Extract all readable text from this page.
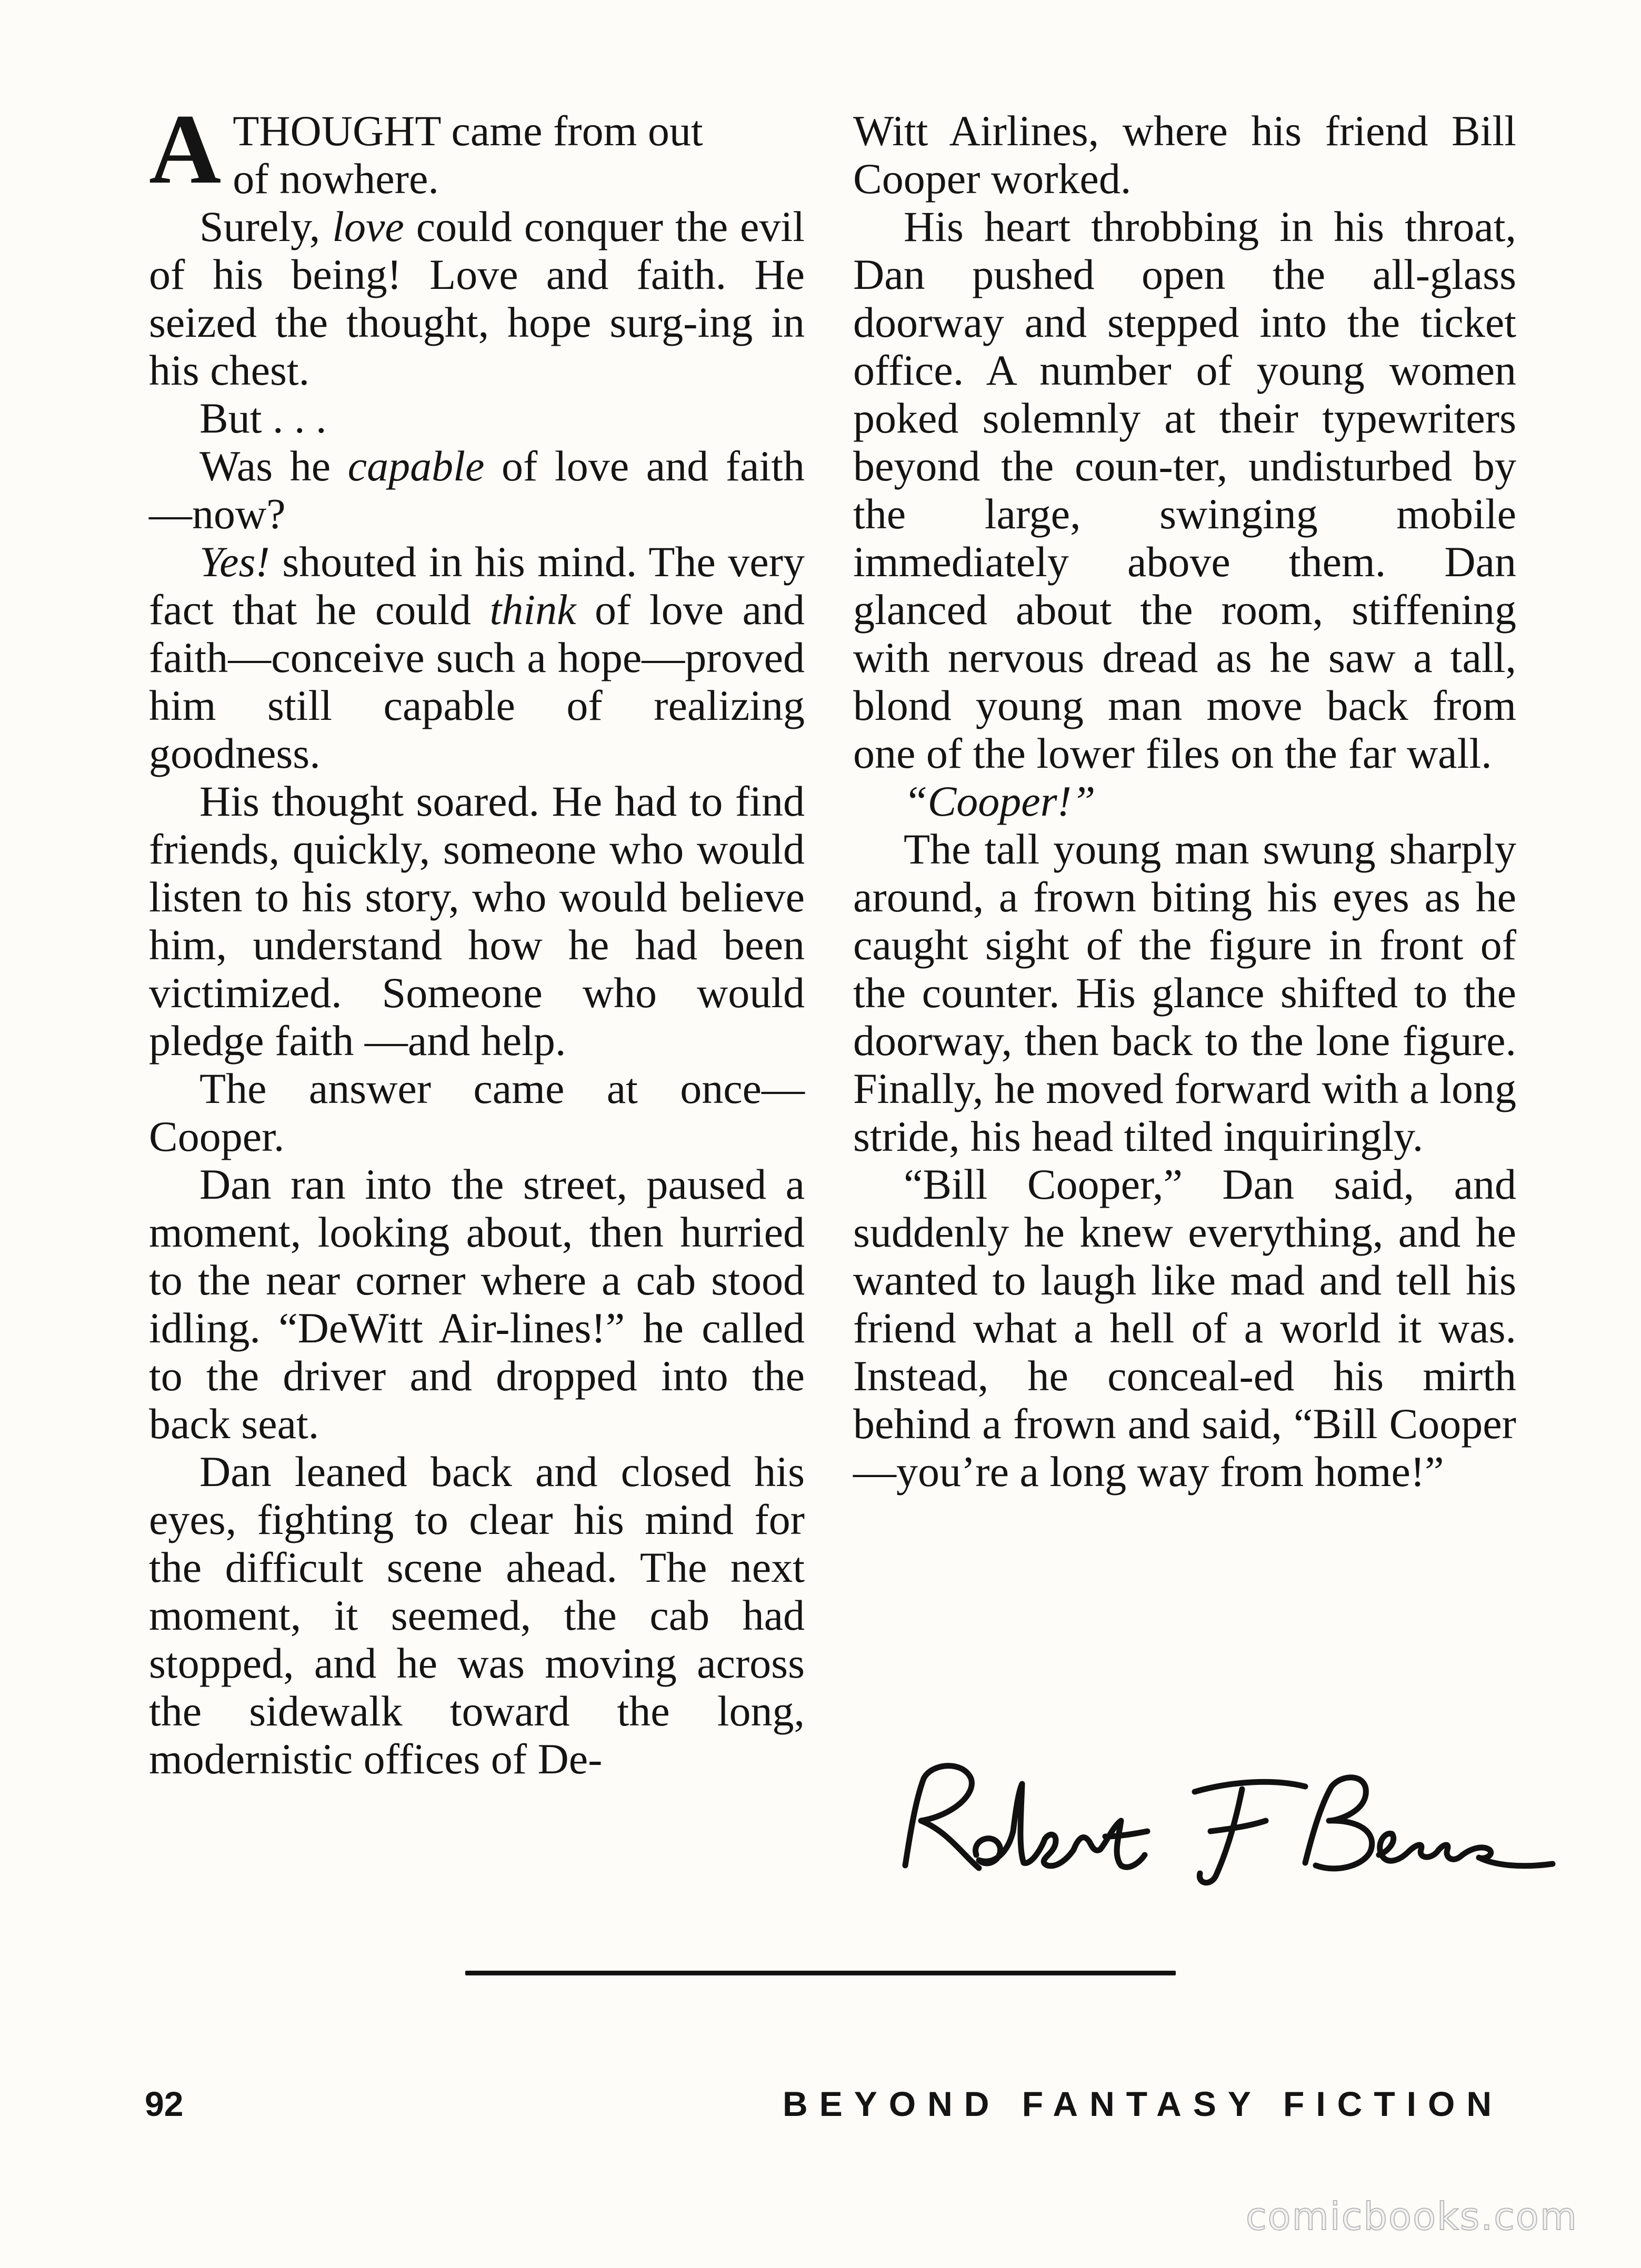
ATHOUGHT came from out
of nowhere.

Surely, love could conquer the evil of his being! Love and faith. He seized the thought, hope surg-ing in his chest.

But . . .

Was he capable of love and faith—now?

Yes! shouted in his mind. The very fact that he could think of love and faith—conceive such a hope—proved him still capable of realizing goodness.

His thought soared. He had to find friends, quickly, someone who would listen to his story, who would believe him, understand how he had been victimized. Someone who would pledge faith —and help.

The answer came at once— Cooper.

Dan ran into the street, paused a moment, looking about, then hurried to the near corner where a cab stood idling. “DeWitt Air-lines!” he called to the driver and dropped into the back seat.

Dan leaned back and closed his eyes, fighting to clear his mind for the difficult scene ahead. The next moment, it seemed, the cab had stopped, and he was moving across the sidewalk toward the long, modernistic offices of De-

Witt Airlines, where his friend Bill Cooper worked.

His heart throbbing in his throat, Dan pushed open the all-glass doorway and stepped into the ticket office. A number of young women poked solemnly at their typewriters beyond the coun-ter, undisturbed by the large, swinging mobile immediately above them. Dan glanced about the room, stiffening with nervous dread as he saw a tall, blond young man move back from one of the lower files on the far wall.

“Cooper!”

The tall young man swung sharply around, a frown biting his eyes as he caught sight of the figure in front of the counter. His glance shifted to the doorway, then back to the lone figure. Finally, he moved forward with a long stride, his head tilted inquiringly.

“Bill Cooper,” Dan said, and suddenly he knew everything, and he wanted to laugh like mad and tell his friend what a hell of a world it was. Instead, he conceal-ed his mirth behind a frown and said, “Bill Cooper—you’re a long way from home!”

92	BEYOND FANTASY FICTION
comicbooks.com
